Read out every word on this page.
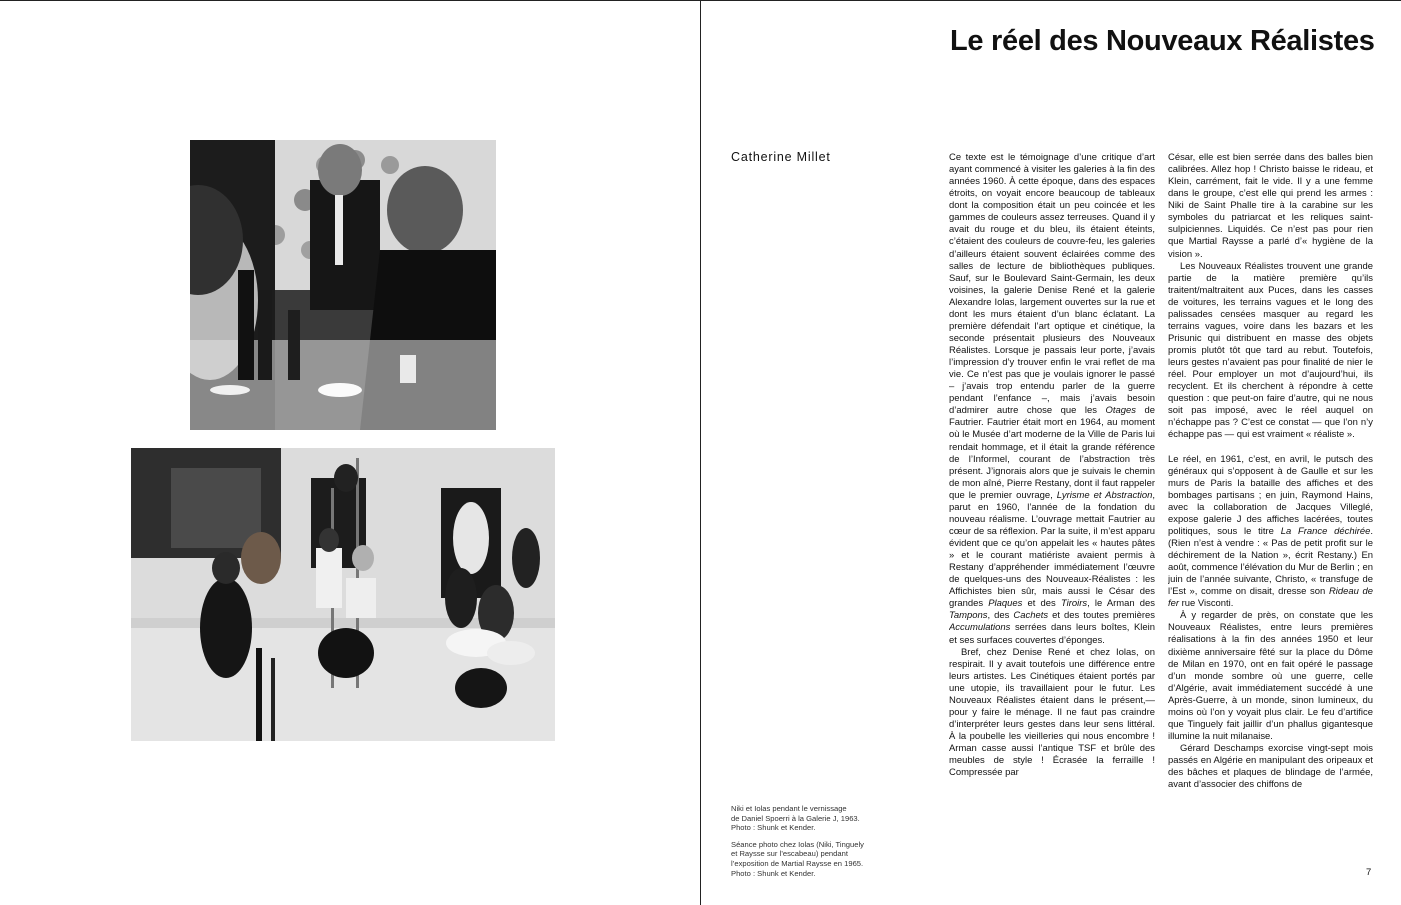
Le réel des Nouveaux Réalistes
Catherine Millet

Niki et Iolas pendant le vernissage
de Daniel Spoerri à la Galerie J, 1963.
Photo : Shunk et Kender.

Séance photo chez Iolas (Niki, Tinguely
et Raysse sur l’escabeau) pendant
l’exposition de Martial Raysse en 1965.
Photo : Shunk et Kender.

Ce texte est le témoignage d’une critique d’art ayant commencé à visiter les galeries à la fin des années 1960. À cette époque, dans des espaces étroits, on voyait encore beaucoup de tableaux dont la composition était un peu coincée et les gammes de couleurs assez terreuses. Quand il y avait du rouge et du bleu, ils étaient éteints, c’étaient des couleurs de couvre-feu, les galeries d’ailleurs étaient souvent éclairées comme des salles de lecture de bibliothèques publiques. Sauf, sur le Boulevard Saint-Germain, les deux voisines, la galerie Denise René et la galerie Alexandre Iolas, largement ouvertes sur la rue et dont les murs étaient d’un blanc éclatant. La première défendait l’art optique et cinétique, la seconde présentait plusieurs des Nouveaux Réalistes. Lorsque je passais leur porte, j’avais l’impression d’y trouver enfin le vrai reflet de ma vie. Ce n’est pas que je voulais ignorer le passé – j’avais trop entendu parler de la guerre pendant l’enfance –, mais j’avais besoin d’admirer autre chose que les Otages de Fautrier. Fautrier était mort en 1964, au moment où le Musée d’art moderne de la Ville de Paris lui rendait hommage, et il était la grande référence de l’Informel, courant de l’abstraction très présent. J’ignorais alors que je suivais le chemin de mon aîné, Pierre Restany, dont il faut rappeler que le premier ouvrage, Lyrisme et Abstraction, parut en 1960, l’année de la fondation du nouveau réalisme. L’ouvrage mettait Fautrier au cœur de sa réflexion. Par la suite, il m’est apparu évident que ce qu’on appelait les « hautes pâtes » et le courant matiériste avaient permis à Restany d’appréhender immédiatement l’œuvre de quelques-uns des Nouveaux-Réalistes : les Affichistes bien sûr, mais aussi le César des grandes Plaques et des Tiroirs, le Arman des Tampons, des Cachets et des toutes premières Accumulations serrées dans leurs boîtes, Klein et ses surfaces couvertes d’éponges.

Bref, chez Denise René et chez Iolas, on respirait. Il y avait toutefois une différence entre leurs artistes. Les Cinétiques étaient portés par une utopie, ils travaillaient pour le futur. Les Nouveaux Réalistes étaient dans le présent,— pour y faire le ménage. Il ne faut pas craindre d’interpréter leurs gestes dans leur sens littéral. À la poubelle les vieilleries qui nous encombre ! Arman casse aussi l’antique TSF et brûle des meubles de style ! Écrasée la ferraille ! Compressée par

César, elle est bien serrée dans des balles bien calibrées. Allez hop ! Christo baisse le rideau, et Klein, carrément, fait le vide. Il y a une femme dans le groupe, c’est elle qui prend les armes : Niki de Saint Phalle tire à la carabine sur les symboles du patriarcat et les reliques saint-sulpiciennes. Liquidés. Ce n’est pas pour rien que Martial Raysse a parlé d’« hygiène de la vision ».

Les Nouveaux Réalistes trouvent une grande partie de la matière première qu’ils traitent/maltraitent aux Puces, dans les casses de voitures, les terrains vagues et le long des palissades censées masquer au regard les terrains vagues, voire dans les bazars et les Prisunic qui distribuent en masse des objets promis plutôt tôt que tard au rebut. Toutefois, leurs gestes n’avaient pas pour finalité de nier le réel. Pour employer un mot d’aujourd’hui, ils recyclent. Et ils cherchent à répondre à cette question : que peut-on faire d’autre, qui ne nous soit pas imposé, avec le réel auquel on n’échappe pas ? C’est ce constat — que l’on n’y échappe pas — qui est vraiment « réaliste ».

Le réel, en 1961, c’est, en avril, le putsch des généraux qui s’opposent à de Gaulle et sur les murs de Paris la bataille des affiches et des bombages partisans ; en juin, Raymond Hains, avec la collaboration de Jacques Villeglé, expose galerie J des affiches lacérées, toutes politiques, sous le titre La France déchirée. (Rien n’est à vendre : « Pas de petit profit sur le déchirement de la Nation », écrit Restany.) En août, commence l’élévation du Mur de Berlin ; en juin de l’année suivante, Christo, « transfuge de l’Est », comme on disait, dresse son Rideau de fer rue Visconti.

À y regarder de près, on constate que les Nouveaux Réalistes, entre leurs premières réalisations à la fin des années 1950 et leur dixième anniversaire fêté sur la place du Dôme de Milan en 1970, ont en fait opéré le passage d’un monde sombre où une guerre, celle d’Algérie, avait immédiatement succédé à une Après-Guerre, à un monde, sinon lumineux, du moins où l’on y voyait plus clair. Le feu d’artifice que Tinguely fait jaillir d’un phallus gigantesque illumine la nuit milanaise.

Gérard Deschamps exorcise vingt-sept mois passés en Algérie en manipulant des oripeaux et des bâches et plaques de blindage de l’armée, avant d’associer des chiffons de

7
